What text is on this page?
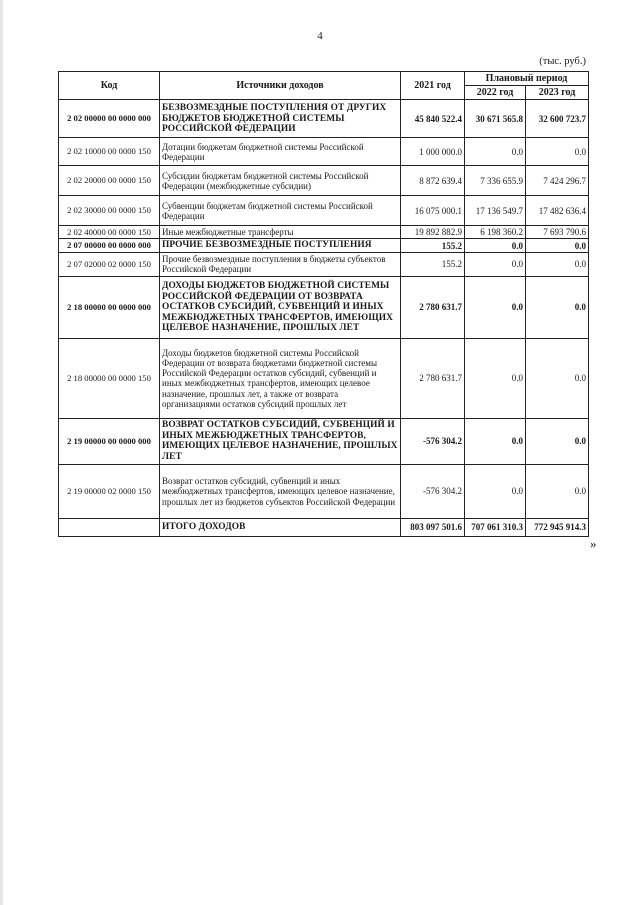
4
(тыс. руб.)
Код	Источники доходов	2021 год	Плановый период	
			2022 год	2023 год
2 02 00000 00 0000 000	БЕЗВОЗМЕЗДНЫЕ ПОСТУПЛЕНИЯ ОТ ДРУГИХ БЮДЖЕТОВ БЮДЖЕТНОЙ СИСТЕМЫ РОССИЙСКОЙ ФЕДЕРАЦИИ	45 840 522.4	30 671 565.8	32 600 723.7
2 02 10000 00 0000 150	Дотации бюджетам бюджетной системы Российской Федерации	1 000 000.0	0.0	0.0
2 02 20000 00 0000 150	Субсидии бюджетам бюджетной системы Российской Федерации (межбюджетные субсидии)	8 872 639.4	7 336 655.9	7 424 296.7
2 02 30000 00 0000 150	Субвенции бюджетам бюджетной системы Российской Федерации	16 075 000.1	17 136 549.7	17 482 636.4
2 02 40000 00 0000 150	Иные межбюджетные трансферты	19 892 882.9	6 198 360.2	7 693 790.6
2 07 00000 00 0000 000	ПРОЧИЕ БЕЗВОЗМЕЗДНЫЕ ПОСТУПЛЕНИЯ	155.2	0.0	0.0
2 07 02000 02 0000 150	Прочие безвозмездные поступления в бюджеты субъектов Российской Федерации	155.2	0.0	0.0
2 18 00000 00 0000 000	ДОХОДЫ БЮДЖЕТОВ БЮДЖЕТНОЙ СИСТЕМЫ РОССИЙСКОЙ ФЕДЕРАЦИИ ОТ ВОЗВРАТА ОСТАТКОВ СУБСИДИЙ, СУБВЕНЦИЙ И ИНЫХ МЕЖБЮДЖЕТНЫХ ТРАНСФЕРТОВ, ИМЕЮЩИХ ЦЕЛЕВОЕ НАЗНАЧЕНИЕ, ПРОШЛЫХ ЛЕТ	2 780 631.7	0.0	0.0
2 18 00000 00 0000 150	Доходы бюджетов бюджетной системы Российской Федерации от возврата бюджетами бюджетной системы Российской Федерации остатков субсидий, субвенций и иных межбюджетных трансфертов, имеющих целевое назначение, прошлых лет, а также от возврата организациями остатков субсидий прошлых лет	2 780 631.7	0.0	0.0
2 19 00000 00 0000 000	ВОЗВРАТ ОСТАТКОВ СУБСИДИЙ, СУБВЕНЦИЙ И ИНЫХ МЕЖБЮДЖЕТНЫХ ТРАНСФЕРТОВ, ИМЕЮЩИХ ЦЕЛЕВОЕ НАЗНАЧЕНИЕ, ПРОШЛЫХ ЛЕТ	-576 304.2	0.0	0.0
2 19 00000 02 0000 150	Возврат остатков субсидий, субвенций и иных межбюджетных трансфертов, имеющих целевое назначение, прошлых лет из бюджетов субъектов Российской Федерации	-576 304.2	0.0	0.0
	ИТОГО ДОХОДОВ	803 097 501.6	707 061 310.3	772 945 914.3
»
